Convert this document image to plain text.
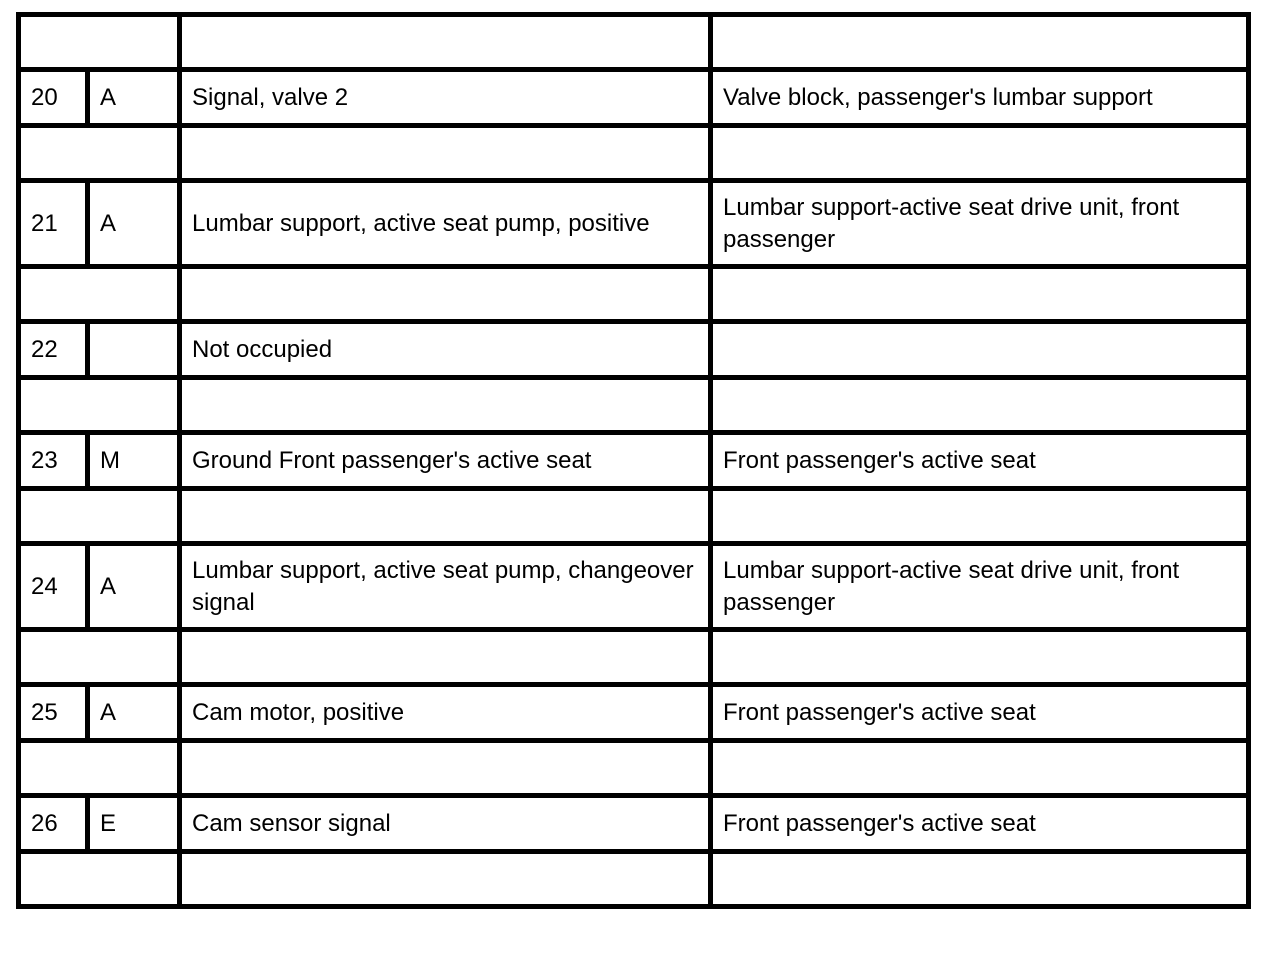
20	A	Signal, valve 2	Valve block, passenger's lumbar support

21	A	Lumbar support, active seat pump, positive	Lumbar support-active seat drive unit, front passenger

22		Not occupied	

23	M	Ground Front passenger's active seat	Front passenger's active seat

24	A	Lumbar support, active seat pump, changeover signal	Lumbar support-active seat drive unit, front passenger

25	A	Cam motor, positive	Front passenger's active seat

26	E	Cam sensor signal	Front passenger's active seat
